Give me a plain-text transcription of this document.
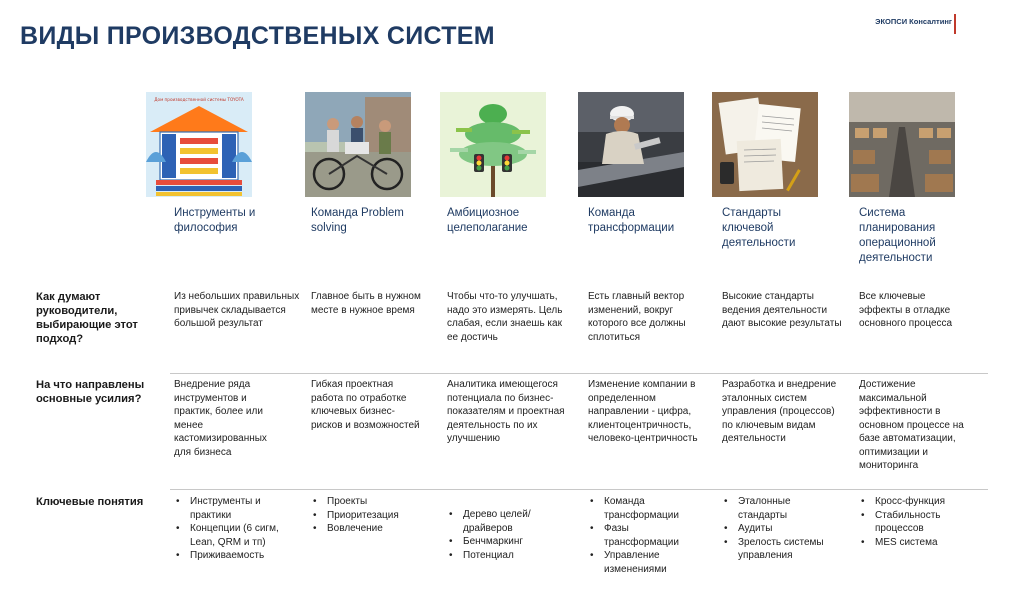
ВИДЫ ПРОИЗВОДСТВЕНЫХ СИСТЕМ
ЭКОПСИ Консалтинг
Дом производственной системы TOYOTA
Инструменты и философия
Команда Problem solving
Амбициозное целеполагание
Команда трансформации
Стандарты ключевой деятельности
Система планирования операционной деятельности
Как думают руководители, выбирающие этот подход?
Из небольших правильных привычек складывается большой результат
Главное быть в нужном месте в нужное время
Чтобы что-то улучшать, надо это измерять. Цель слабая, если знаешь как ее достичь
Есть главный вектор изменений, вокруг которого все должны сплотиться
Высокие стандарты ведения деятельности дают высокие результаты
Все ключевые эффекты в отладке основного процесса
На что направлены основные усилия?
Внедрение ряда инструментов и практик, более или менее кастомизированных для бизнеса
Гибкая проектная работа по отработке ключевых бизнес-рисков и возможностей
Аналитика имеющегося потенциала по бизнес-показателям и проектная деятельность по их улучшению
Изменение компании в определенном направлении - цифра, клиентоцентричность, человеко-центричность
Разработка и внедрение эталонных систем управления (процессов) по ключевым видам деятельности
Достижение максимальной эффективности в основном процессе на базе автоматизации, оптимизации и мониторинга
Ключевые понятия
•	Инструменты и практики
• Концепции (6 сигм, Lean, QRM и тп)
• Приживаемость
• Проекты
• Приоритезация
• Вовлечение
• Дерево целей/драйверов
• Бенчмаркинг
• Потенциал
• Команда трансформации
• Фазы трансформации
• Управление изменениями
• Эталонные стандарты
• Аудиты
• Зрелость системы управления
• Кросс-функция
• Стабильность процессов
• MES система
